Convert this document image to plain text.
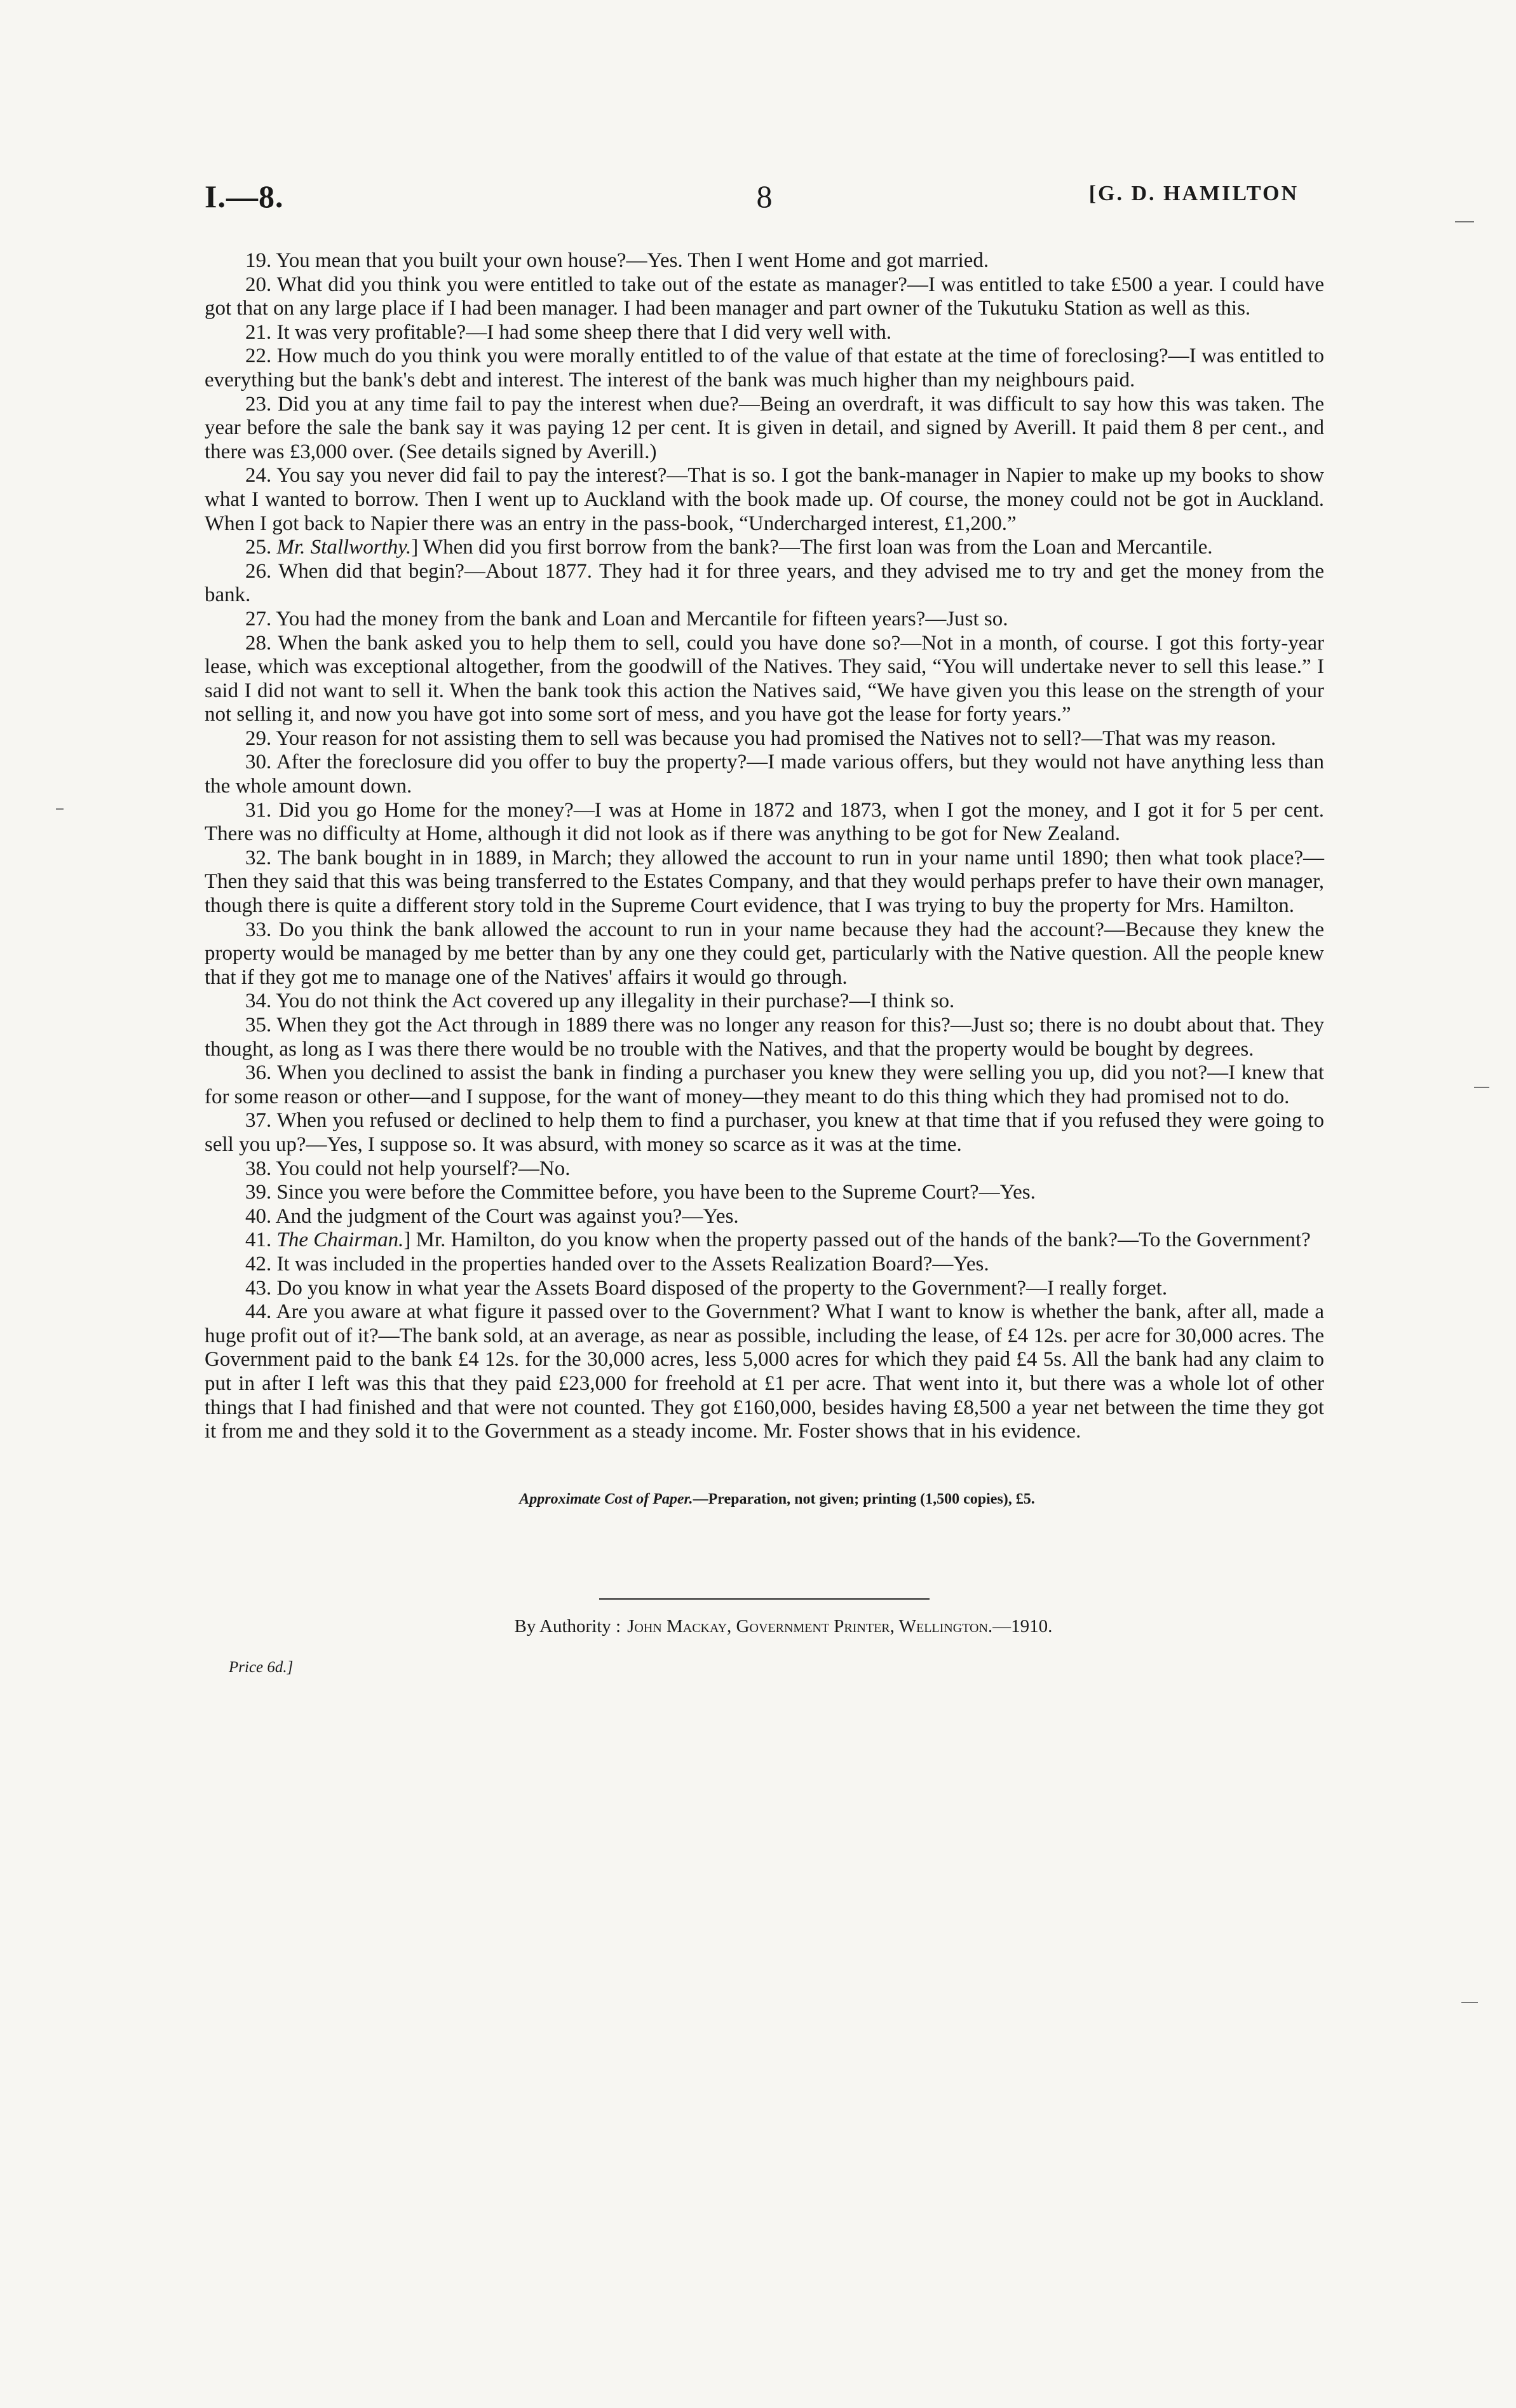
I.—8.	8	[G. D. HAMILTON

19. You mean that you built your own house?—Yes. Then I went Home and got married.

20. What did you think you were entitled to take out of the estate as manager?—I was entitled to take £500 a year. I could have got that on any large place if I had been manager. I had been manager and part owner of the Tukutuku Station as well as this.

21. It was very profitable?—I had some sheep there that I did very well with.

22. How much do you think you were morally entitled to of the value of that estate at the time of foreclosing?—I was entitled to everything but the bank's debt and interest. The interest of the bank was much higher than my neighbours paid.

23. Did you at any time fail to pay the interest when due?—Being an overdraft, it was difficult to say how this was taken. The year before the sale the bank say it was paying 12 per cent. It is given in detail, and signed by Averill. It paid them 8 per cent., and there was £3,000 over. (See details signed by Averill.)

24. You say you never did fail to pay the interest?—That is so. I got the bank-manager in Napier to make up my books to show what I wanted to borrow. Then I went up to Auckland with the book made up. Of course, the money could not be got in Auckland. When I got back to Napier there was an entry in the pass-book, “Undercharged interest, £1,200.”

25. Mr. Stallworthy.] When did you first borrow from the bank?—The first loan was from the Loan and Mercantile.

26. When did that begin?—About 1877. They had it for three years, and they advised me to try and get the money from the bank.

27. You had the money from the bank and Loan and Mercantile for fifteen years?—Just so.

28. When the bank asked you to help them to sell, could you have done so?—Not in a month, of course. I got this forty-year lease, which was exceptional altogether, from the goodwill of the Natives. They said, “You will undertake never to sell this lease.” I said I did not want to sell it. When the bank took this action the Natives said, “We have given you this lease on the strength of your not selling it, and now you have got into some sort of mess, and you have got the lease for forty years.”

29. Your reason for not assisting them to sell was because you had promised the Natives not to sell?—That was my reason.

30. After the foreclosure did you offer to buy the property?—I made various offers, but they would not have anything less than the whole amount down.

31. Did you go Home for the money?—I was at Home in 1872 and 1873, when I got the money, and I got it for 5 per cent. There was no difficulty at Home, although it did not look as if there was anything to be got for New Zealand.

32. The bank bought in in 1889, in March; they allowed the account to run in your name until 1890; then what took place?—Then they said that this was being transferred to the Estates Company, and that they would perhaps prefer to have their own manager, though there is quite a different story told in the Supreme Court evidence, that I was trying to buy the property for Mrs. Hamilton.

33. Do you think the bank allowed the account to run in your name because they had the account?—Because they knew the property would be managed by me better than by any one they could get, particularly with the Native question. All the people knew that if they got me to manage one of the Natives' affairs it would go through.

34. You do not think the Act covered up any illegality in their purchase?—I think so.

35. When they got the Act through in 1889 there was no longer any reason for this?—Just so; there is no doubt about that. They thought, as long as I was there there would be no trouble with the Natives, and that the property would be bought by degrees.

36. When you declined to assist the bank in finding a purchaser you knew they were selling you up, did you not?—I knew that for some reason or other—and I suppose, for the want of money—they meant to do this thing which they had promised not to do.

37. When you refused or declined to help them to find a purchaser, you knew at that time that if you refused they were going to sell you up?—Yes, I suppose so. It was absurd, with money so scarce as it was at the time.

38. You could not help yourself?—No.

39. Since you were before the Committee before, you have been to the Supreme Court?—Yes.

40. And the judgment of the Court was against you?—Yes.

41. The Chairman.] Mr. Hamilton, do you know when the property passed out of the hands of the bank?—To the Government?

42. It was included in the properties handed over to the Assets Realization Board?—Yes.

43. Do you know in what year the Assets Board disposed of the property to the Government?—I really forget.

44. Are you aware at what figure it passed over to the Government? What I want to know is whether the bank, after all, made a huge profit out of it?—The bank sold, at an average, as near as possible, including the lease, of £4 12s. per acre for 30,000 acres. The Government paid to the bank £4 12s. for the 30,000 acres, less 5,000 acres for which they paid £4 5s. All the bank had any claim to put in after I left was this that they paid £23,000 for freehold at £1 per acre. That went into it, but there was a whole lot of other things that I had finished and that were not counted. They got £160,000, besides having £8,500 a year net between the time they got it from me and they sold it to the Government as a steady income. Mr. Foster shows that in his evidence.

Approximate Cost of Paper.—Preparation, not given; printing (1,500 copies), £5.
By Authority : John Mackay, Government Printer, Wellington.—1910.
Price 6d.]
